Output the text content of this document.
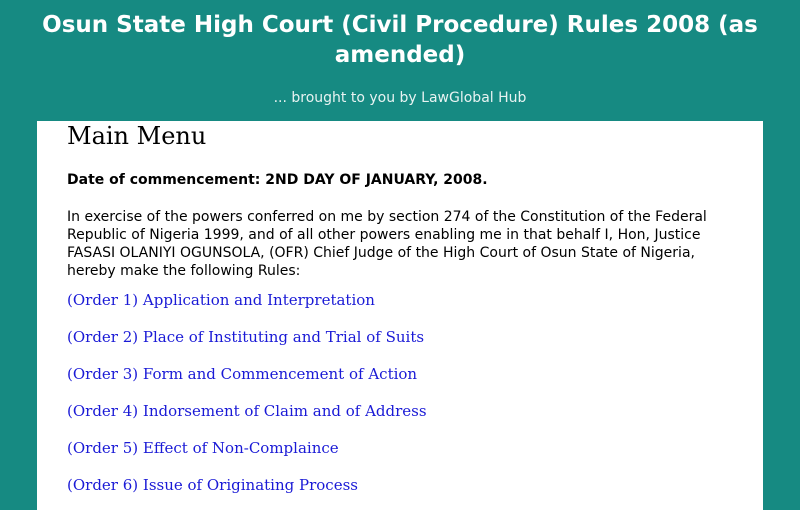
Osun State High Court (Civil Procedure) Rules 2008 (as amended)

... brought to you by LawGlobal Hub

Main Menu

Date of commencement: 2ND DAY OF JANUARY, 2008.

In exercise of the powers conferred on me by section 274 of the Constitution of the Federal Republic of Nigeria 1999, and of all other powers enabling me in that behalf I, Hon, Justice FASASI OLANIYI OGUNSOLA, (OFR) Chief Judge of the High Court of Osun State of Nigeria, hereby make the following Rules:

(Order 1) Application and Interpretation
(Order 2) Place of Instituting and Trial of Suits
(Order 3) Form and Commencement of Action
(Order 4) Indorsement of Claim and of Address
(Order 5) Effect of Non-Complaince
(Order 6) Issue of Originating Process
